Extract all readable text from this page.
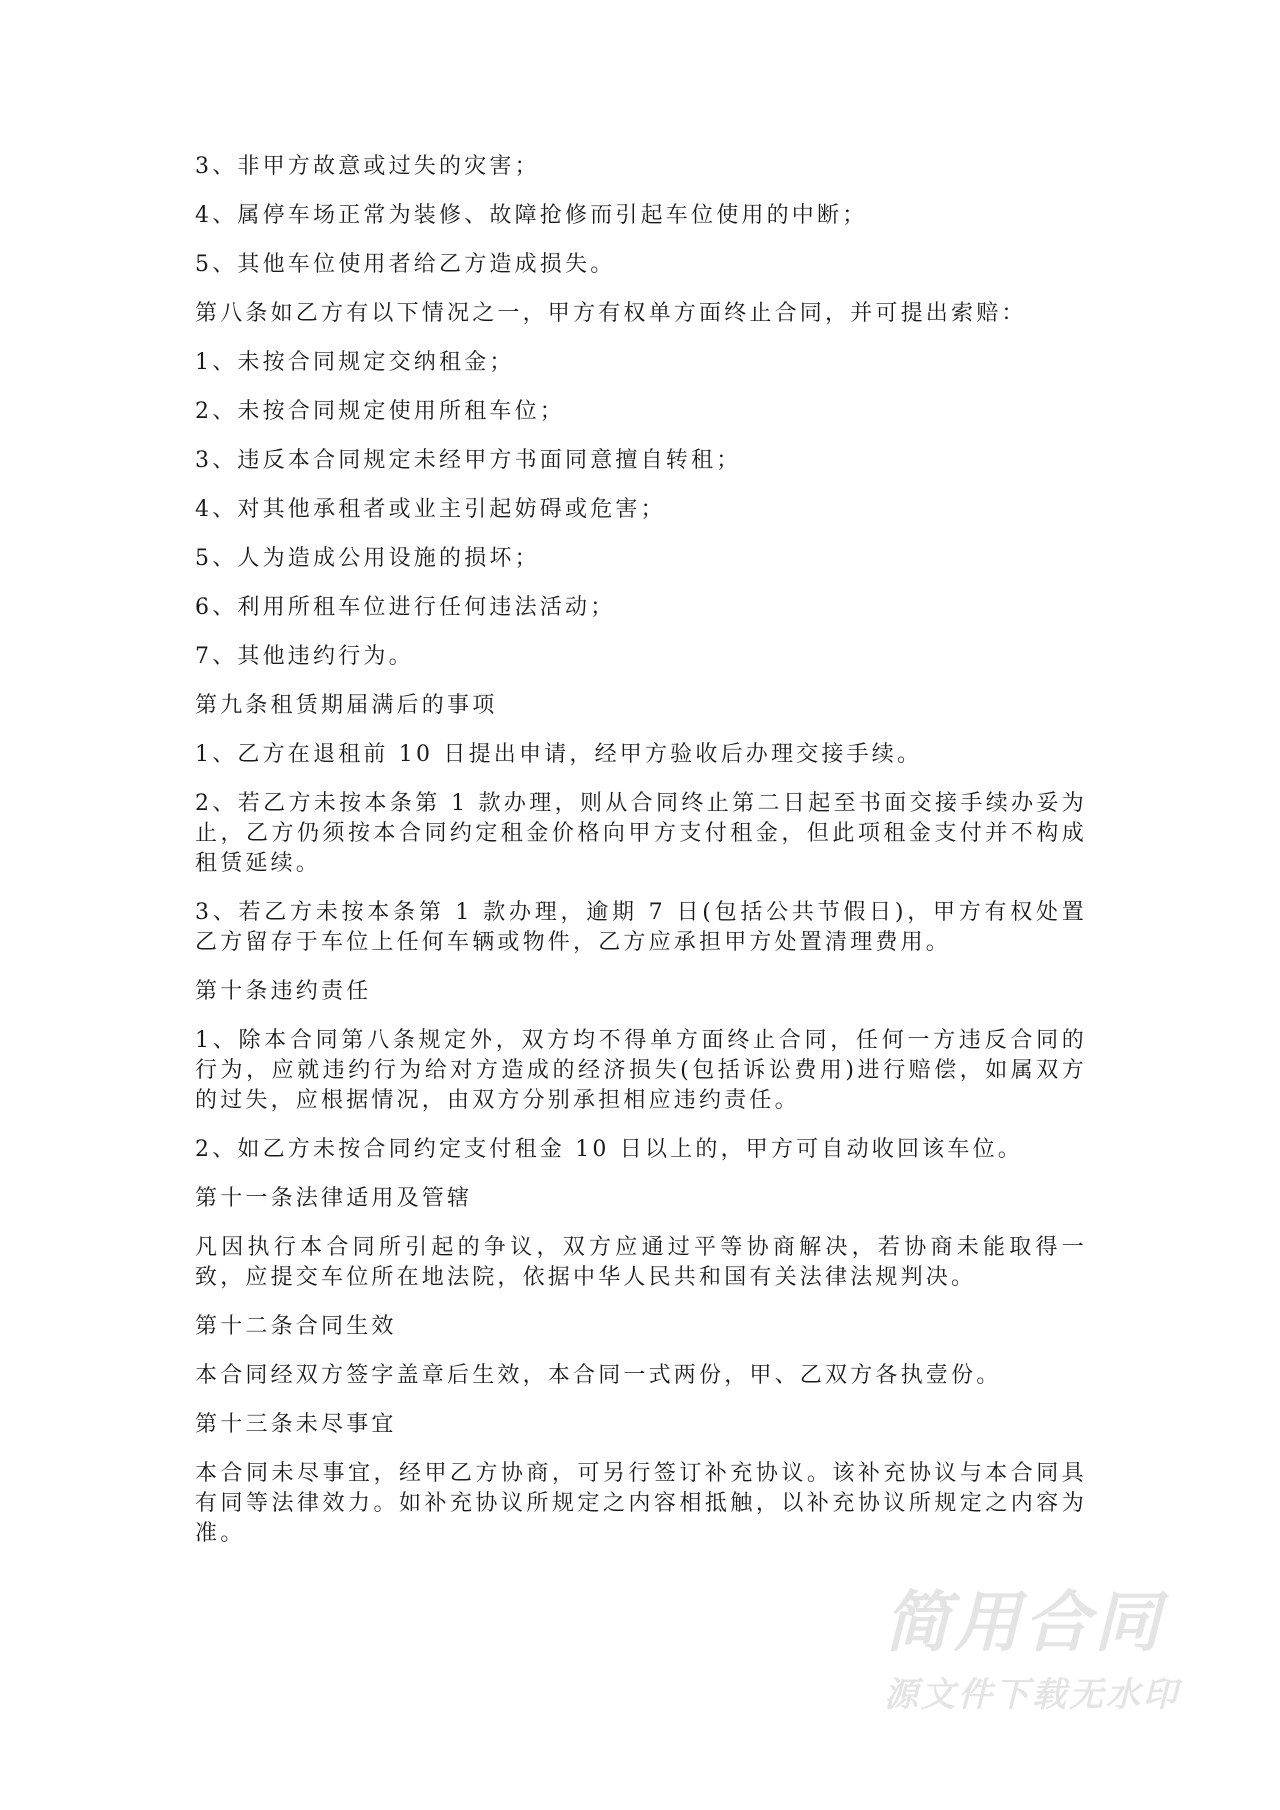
3、非甲方故意或过失的灾害；

4、属停车场正常为装修、故障抢修而引起车位使用的中断；

5、其他车位使用者给乙方造成损失。

第八条如乙方有以下情况之一，甲方有权单方面终止合同，并可提出索赔：

1、未按合同规定交纳租金；

2、未按合同规定使用所租车位；

3、违反本合同规定未经甲方书面同意擅自转租；

4、对其他承租者或业主引起妨碍或危害；

5、人为造成公用设施的损坏；

6、利用所租车位进行任何违法活动；

7、其他违约行为。

第九条租赁期届满后的事项

1、乙方在退租前 10 日提出申请，经甲方验收后办理交接手续。

2、若乙方未按本条第 1 款办理，则从合同终止第二日起至书面交接手续办妥为止，乙方仍须按本合同约定租金价格向甲方支付租金，但此项租金支付并不构成租赁延续。

3、若乙方未按本条第 1 款办理，逾期 7 日(包括公共节假日)，甲方有权处置乙方留存于车位上任何车辆或物件，乙方应承担甲方处置清理费用。

第十条违约责任

1、除本合同第八条规定外，双方均不得单方面终止合同，任何一方违反合同的行为，应就违约行为给对方造成的经济损失(包括诉讼费用)进行赔偿，如属双方的过失，应根据情况，由双方分别承担相应违约责任。

2、如乙方未按合同约定支付租金 10 日以上的，甲方可自动收回该车位。

第十一条法律适用及管辖

凡因执行本合同所引起的争议，双方应通过平等协商解决，若协商未能取得一致，应提交车位所在地法院，依据中华人民共和国有关法律法规判决。

第十二条合同生效

本合同经双方签字盖章后生效，本合同一式两份，甲、乙双方各执壹份。

第十三条未尽事宜

本合同未尽事宜，经甲乙方协商，可另行签订补充协议。该补充协议与本合同具有同等法律效力。如补充协议所规定之内容相抵触，以补充协议所规定之内容为准。

简用合同
源文件下载无水印
